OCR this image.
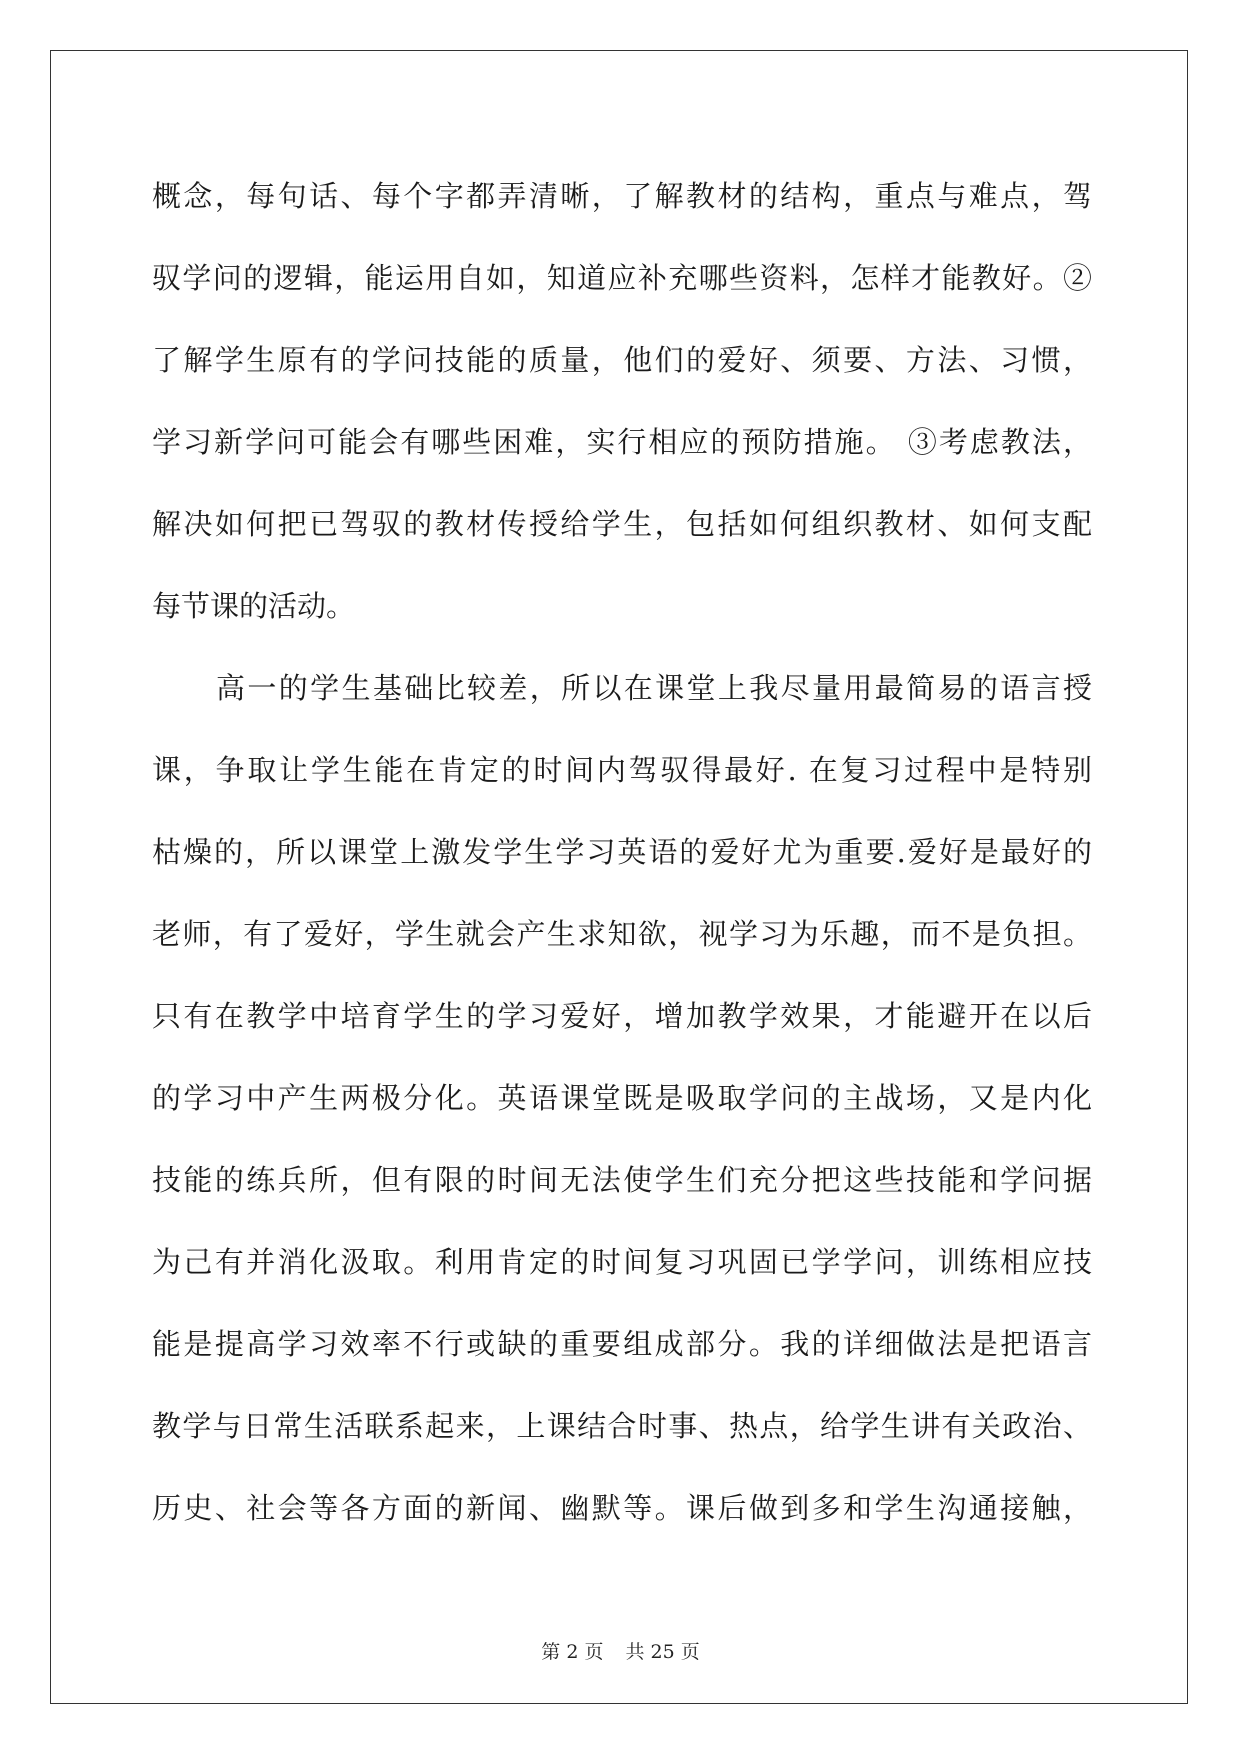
概念，每句话、每个字都弄清晰，了解教材的结构，重点与难点，驾
驭学问的逻辑，能运用自如，知道应补充哪些资料，怎样才能教好。②
了解学生原有的学问技能的质量，他们的爱好、须要、方法、习惯，
学习新学问可能会有哪些困难，实行相应的预防措施。 ③考虑教法，
解决如何把已驾驭的教材传授给学生，包括如何组织教材、如何支配
每节课的活动。
高一的学生基础比较差，所以在课堂上我尽量用最简易的语言授
课，争取让学生能在肯定的时间内驾驭得最好. 在复习过程中是特别
枯燥的，所以课堂上激发学生学习英语的爱好尤为重要.爱好是最好的
老师，有了爱好，学生就会产生求知欲，视学习为乐趣，而不是负担。
只有在教学中培育学生的学习爱好，增加教学效果，才能避开在以后
的学习中产生两极分化。英语课堂既是吸取学问的主战场，又是内化
技能的练兵所，但有限的时间无法使学生们充分把这些技能和学问据
为己有并消化汲取。利用肯定的时间复习巩固已学学问，训练相应技
能是提高学习效率不行或缺的重要组成部分。我的详细做法是把语言
教学与日常生活联系起来，上课结合时事、热点，给学生讲有关政治、
历史、社会等各方面的新闻、幽默等。课后做到多和学生沟通接触，
第 2 页 共 25 页
